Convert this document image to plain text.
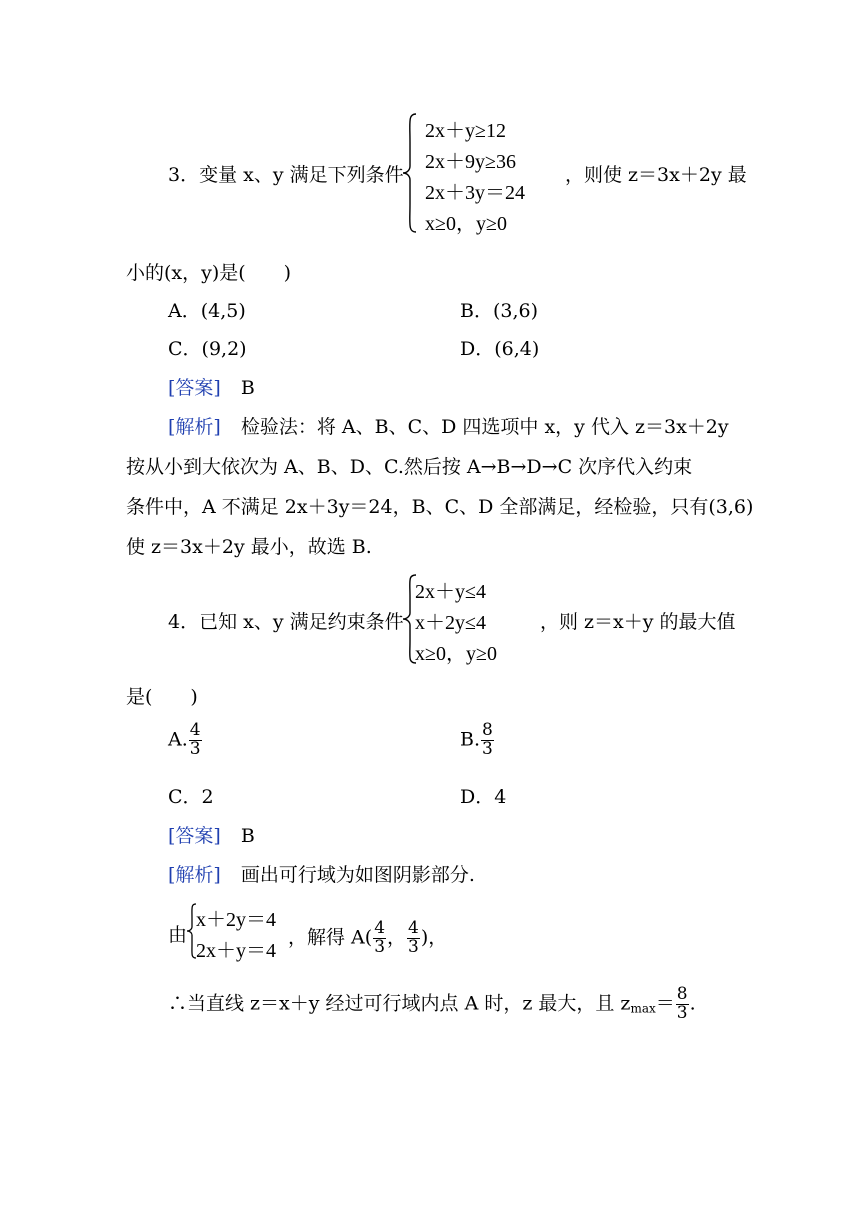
3．变量 x、y 满足下列条件
2x＋y≥12
2x＋9y≥36
2x＋3y＝24
x≥0，y≥0
，则使 z＝3x＋2y 最
小的(x，y)是(　　)
A．(4,5)	B．(3,6)
C．(9,2)	D．(6,4)
[答案] B
[解析] 检验法：将 A、B、C、D 四选项中 x，y 代入 z＝3x＋2y
按从小到大依次为 A、B、D、C.然后按 A→B→D→C 次序代入约束
条件中，A 不满足 2x＋3y＝24，B、C、D 全部满足，经检验，只有(3,6)
使 z＝3x＋2y 最小，故选 B.
4．已知 x、y 满足约束条件
2x＋y≤4
x＋2y≤4
x≥0，y≥0
，则 z＝x＋y 的最大值
是(　　)
A. $\frac{4}{3}$	B. $\frac{8}{3}$
C．2	D．4
[答案] B
[解析] 画出可行域为如图阴影部分.
由
x＋2y＝4
2x＋y＝4
，解得 $A( \frac{4}{3}$ ， $\frac{4}{3}$ )，
∴当直线 z＝x＋y 经过可行域内点 A 时，z 最大，且 $z_{max}= \frac{8}{3}$ .
